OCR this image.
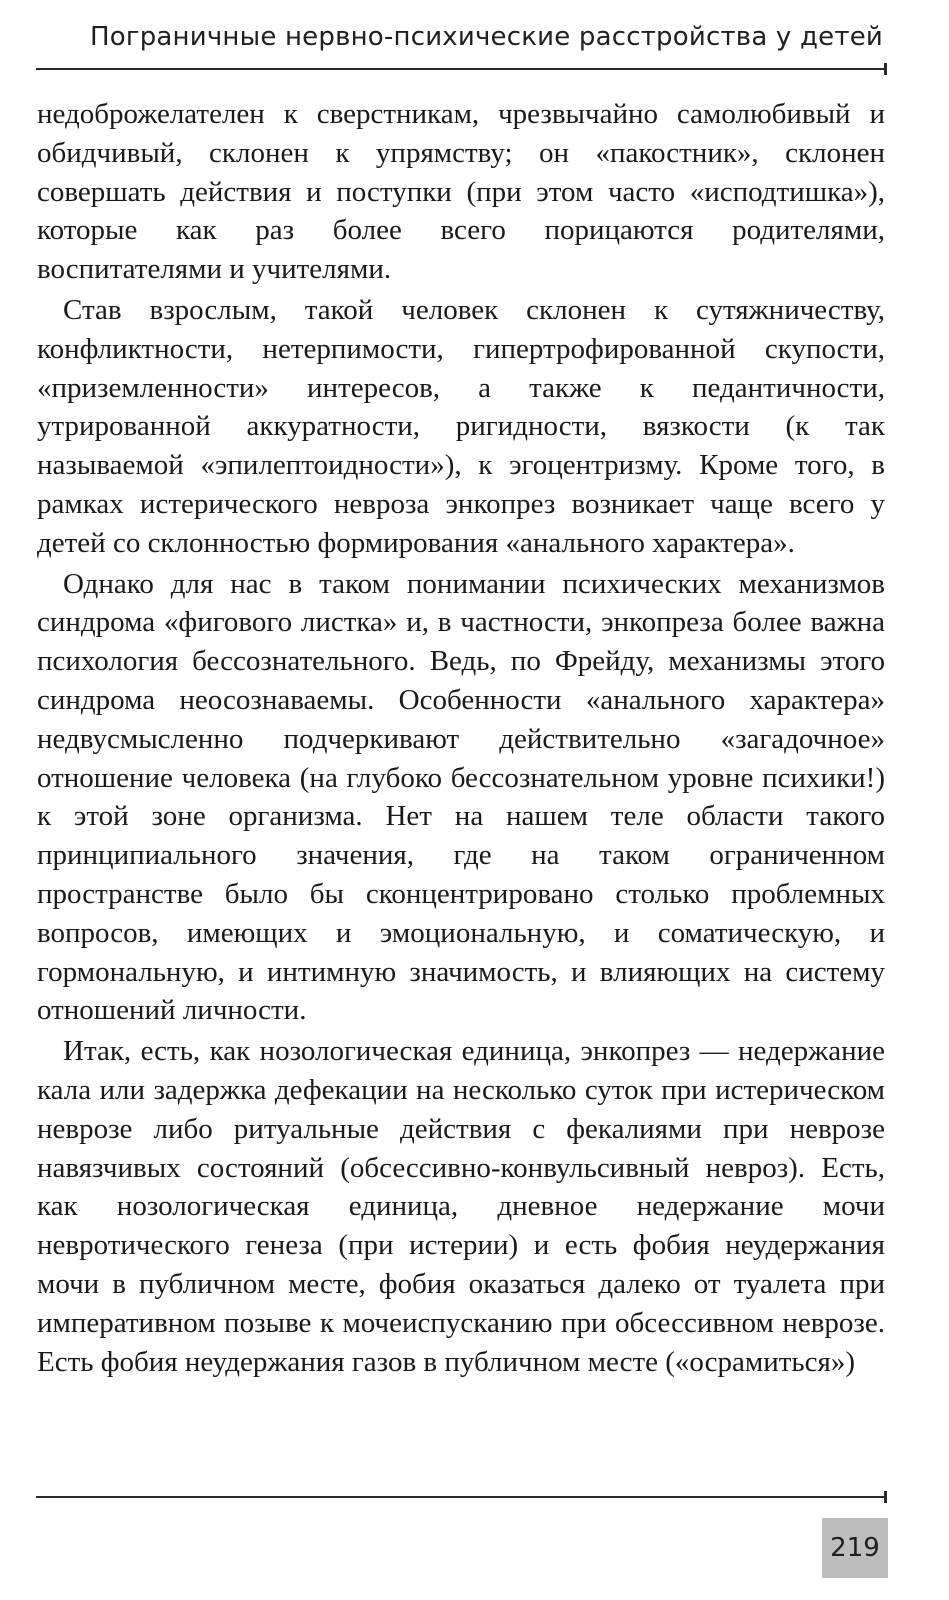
Пограничные нервно-психические расстройства у детей

недоброжелателен к сверстникам, чрезвычайно самолюбивый и обидчивый, склонен к упрямству; он «пакостник», склонен совершать действия и поступки (при этом часто «исподтишка»), которые как раз более всего порицаются родителями, воспитателями и учителями.

Став взрослым, такой человек склонен к сутяжничеству, конфликтности, нетерпимости, гипертрофированной скупости, «приземленности» интересов, а также к педантичности, утрированной аккуратности, ригидности, вязкости (к так называемой «эпилептоидности»), к эгоцентризму. Кроме того, в рамках истерического невроза энкопрез возникает чаще всего у детей со склонностью формирования «анального характера».

Однако для нас в таком понимании психических механизмов синдрома «фигового листка» и, в частности, энкопреза более важна психология бессознательного. Ведь, по Фрейду, механизмы этого синдрома неосознаваемы. Особенности «анального характера» недвусмысленно подчеркивают действительно «загадочное» отношение человека (на глубоко бессознательном уровне психики!) к этой зоне организма. Нет на нашем теле области такого принципиального значения, где на таком ограниченном пространстве было бы сконцентрировано столько проблемных вопросов, имеющих и эмоциональную, и соматическую, и гормональную, и интимную значимость, и влияющих на систему отношений личности.

Итак, есть, как нозологическая единица, энкопрез — недержание кала или задержка дефекации на несколько суток при истерическом неврозе либо ритуальные действия с фекалиями при неврозе навязчивых состояний (обсессивно-конвульсивный невроз). Есть, как нозологическая единица, дневное недержание мочи невротического генеза (при истерии) и есть фобия неудержания мочи в публичном месте, фобия оказаться далеко от туалета при императивном позыве к мочеиспусканию при обсессивном неврозе. Есть фобия неудержания газов в публичном месте («осрамиться»)

219
